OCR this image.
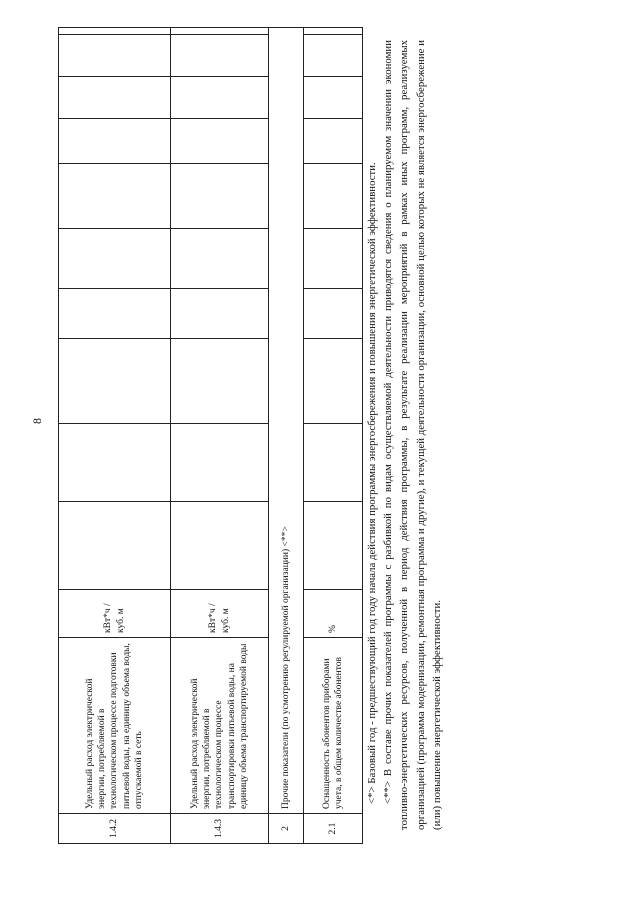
8
1.4.2	Удельный расход электрической энергии, потребляемой в технологическом процессе подготовки питьевой воды, на единицу объема воды, отпускаемой в сеть	кВт*ч / куб. м										
1.4.3	Удельный расход электрической энергии, потребляемой в технологическом процессе транспортировки питьевой воды, на единицу объема транспортируемой воды	кВт*ч / куб. м										
2	Прочие показатели (по усмотрению регулируемой организации) <**>											
2.1	Оснащенность абонентов приборами учета, в общем количестве абонентов	%											<*> Базовый год - предшествующий год году начала действия программы энергосбережения и повышения энергетической эффективности. <**> В составе прочих показателей программы с разбивкой по видам осуществляемой деятельности приводятся сведения о планируемом значении экономии топливно-энергетических ресурсов, полученной в период действия программы, в результате реализации мероприятий в рамках иных программ, реализуемых организацией (программа модернизации, ремонтная программа и другие), и текущей деятельности организации, основной целью которых не является энергосбережение и (или) повышение энергетической эффективности.
